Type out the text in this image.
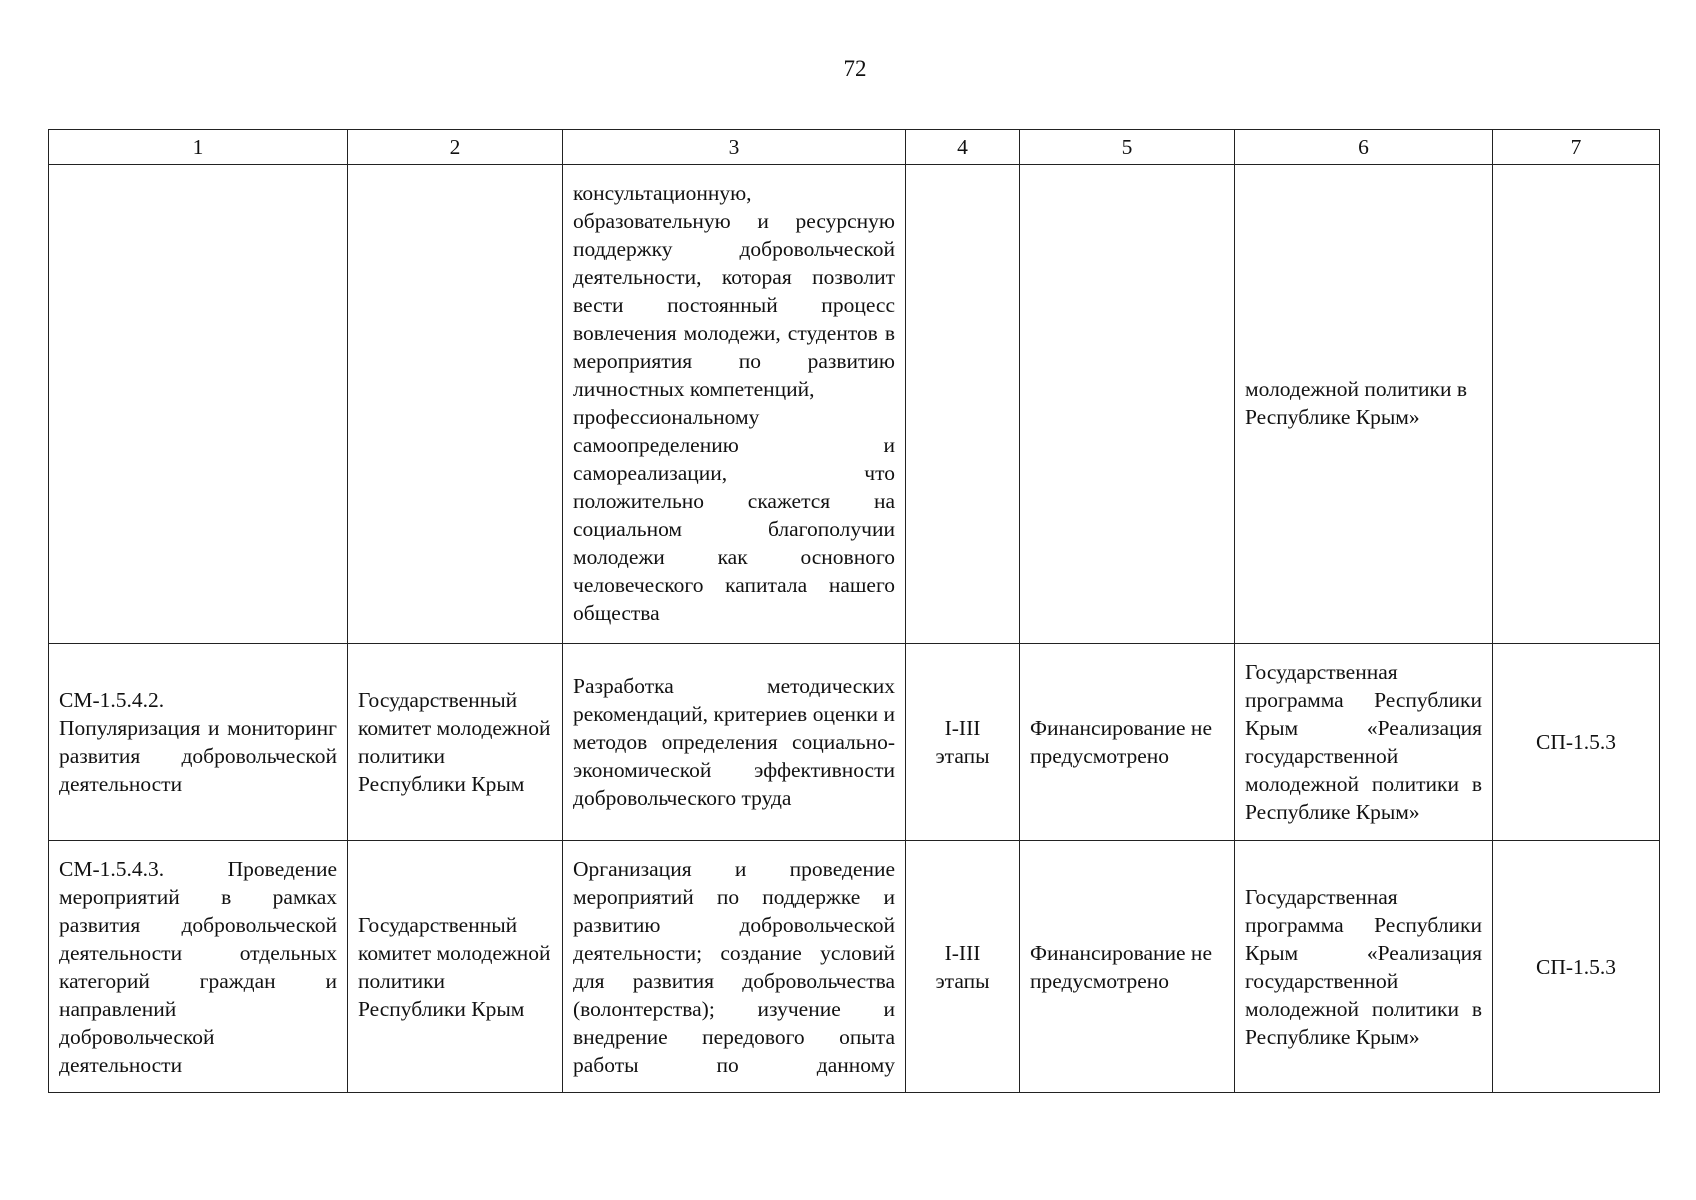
72
1	2	3	4	5	6	7

		консультационную,
образовательную и ресурсную поддержку добровольческой деятельности, которая позволит вести постоянный процесс вовлечения молодежи, студентов в мероприятия по развитию личностных компетенций,
профессиональному
самоопределению и самореализации, что положительно скажется на социальном благополучии молодежи как основного человеческого капитала нашего общества			молодежной политики в Республике Крым»	

СМ-1.5.4.2.
Популяризация и мониторинг развития добровольческой деятельности	Государственный комитет молодежной политики Республики Крым	Разработка методических рекомендаций, критериев оценки и методов определения социально-экономической эффективности добровольческого труда	I-III этапы	Финансирование не предусмотрено	Государственная программа Республики Крым «Реализация государственной молодежной политики в Республике Крым»	СП-1.5.3

СМ-1.5.4.3. Проведение мероприятий в рамках развития добровольческой деятельности отдельных категорий граждан и направлений добровольческой деятельности	Государственный комитет молодежной политики Республики Крым	Организация и проведение мероприятий по поддержке и развитию добровольческой деятельности; создание условий для развития добровольчества (волонтерства); изучение и внедрение передового опыта работы по данному	I-III этапы	Финансирование не предусмотрено	Государственная программа Республики Крым «Реализация государственной молодежной политики в Республике Крым»	СП-1.5.3
